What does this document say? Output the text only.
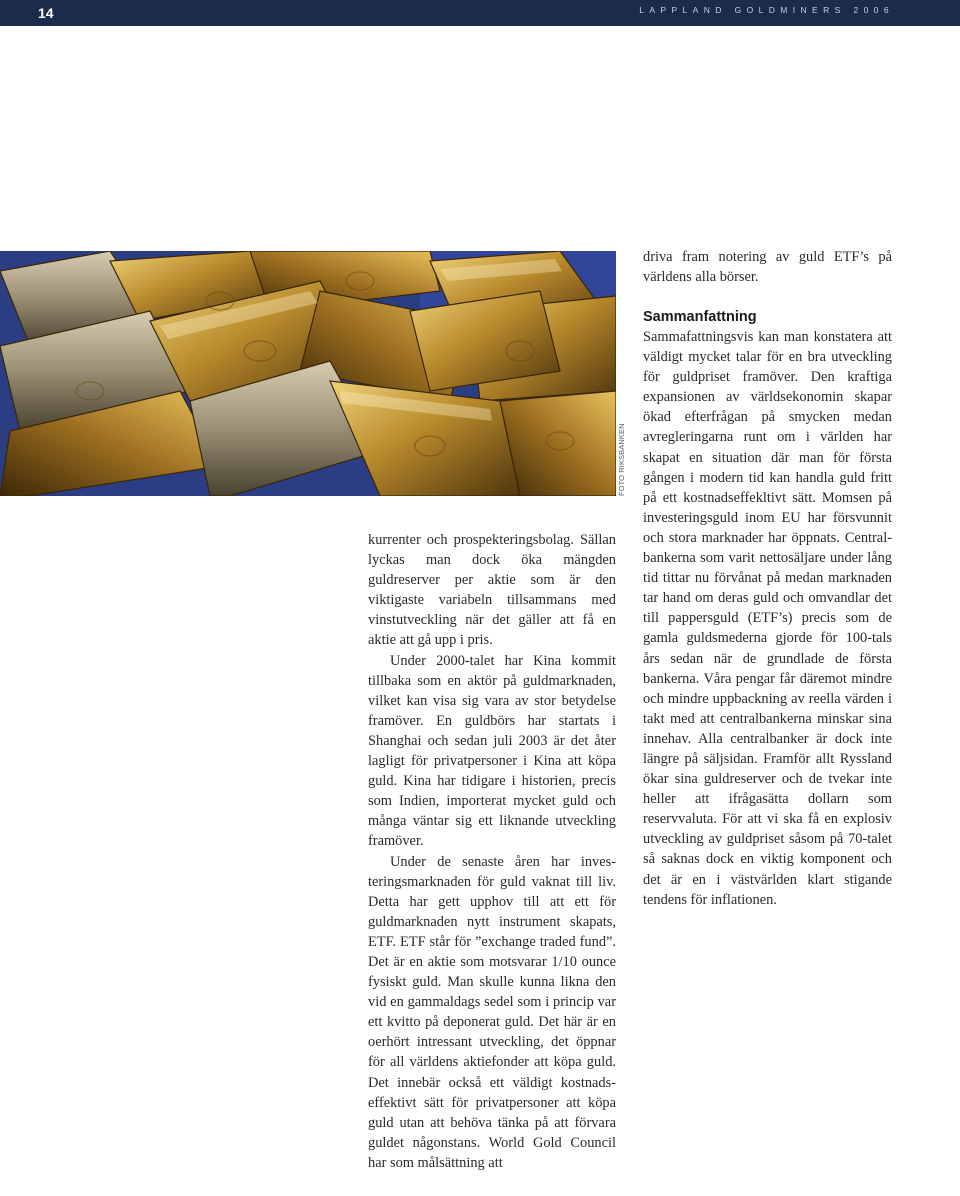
14	LAPPLAND GOLDMINERS 2006
FOTO RIKSBANKEN

kurrenter och prospekteringsbolag. Sällan lyckas man dock öka mängden guldreserver per aktie som är den viktigaste variabeln tillsammans med vinstutveckling när det gäller att få en aktie att gå upp i pris.

Under 2000-talet har Kina kommit tillbaka som en aktör på guldmarknaden, vilket kan visa sig vara av stor betydelse framöver. En guldbörs har startats i Shanghai och sedan juli 2003 är det åter lagligt för privatpersoner i Kina att köpa guld. Kina har tidigare i historien, precis som Indien, importerat mycket guld och många väntar sig ett liknande utveckling framöver.

Under de senaste åren har investeringsmarknaden för guld vaknat till liv. Detta har gett upphov till att ett för guldmarknaden nytt instrument skapats, ETF. ETF står för ”exchange traded fund”. Det är en aktie som motsvarar 1/10 ounce fysiskt guld. Man skulle kunna likna den vid en gammaldags sedel som i princip var ett kvitto på deponerat guld. Det här är en oerhört intressant utveckling, det öppnar för all världens aktiefonder att köpa guld. Det innebär också ett väldigt kostnadseffektivt sätt för privatpersoner att köpa guld utan att behöva tänka på att förvara guldet någonstans. World Gold Council har som målsättning att

driva fram notering av guld ETF’s på världens alla börser.

Sammanfattning

Sammafattningsvis kan man konstatera att väldigt mycket talar för en bra utveckling för guldpriset framöver. Den kraftiga expansionen av världsekonomin skapar ökad efterfrågan på smycken medan avregleringarna runt om i världen har skapat en situation där man för första gången i modern tid kan handla guld fritt på ett kostnadseffekltivt sätt. Momsen på investeringsguld inom EU har försvunnit och stora marknader har öppnats. Centralbankerna som varit nettosäljare under lång tid tittar nu förvånat på medan marknaden tar hand om deras guld och omvandlar det till pappersguld (ETF’s) precis som de gamla guldsmederna gjorde för 100-tals års sedan när de grundlade de första bankerna. Våra pengar får däremot mindre och mindre uppbackning av reella värden i takt med att centralbankerna minskar sina innehav. Alla centralbanker är dock inte längre på säljsidan. Framför allt Ryssland ökar sina guldreserver och de tvekar inte heller att ifrågasätta dollarn som reservvaluta. För att vi ska få en explosiv utveckling av guldpriset såsom på 70-talet så saknas dock en viktig komponent och det är en i västvärlden klart stigande tendens för inflationen.
